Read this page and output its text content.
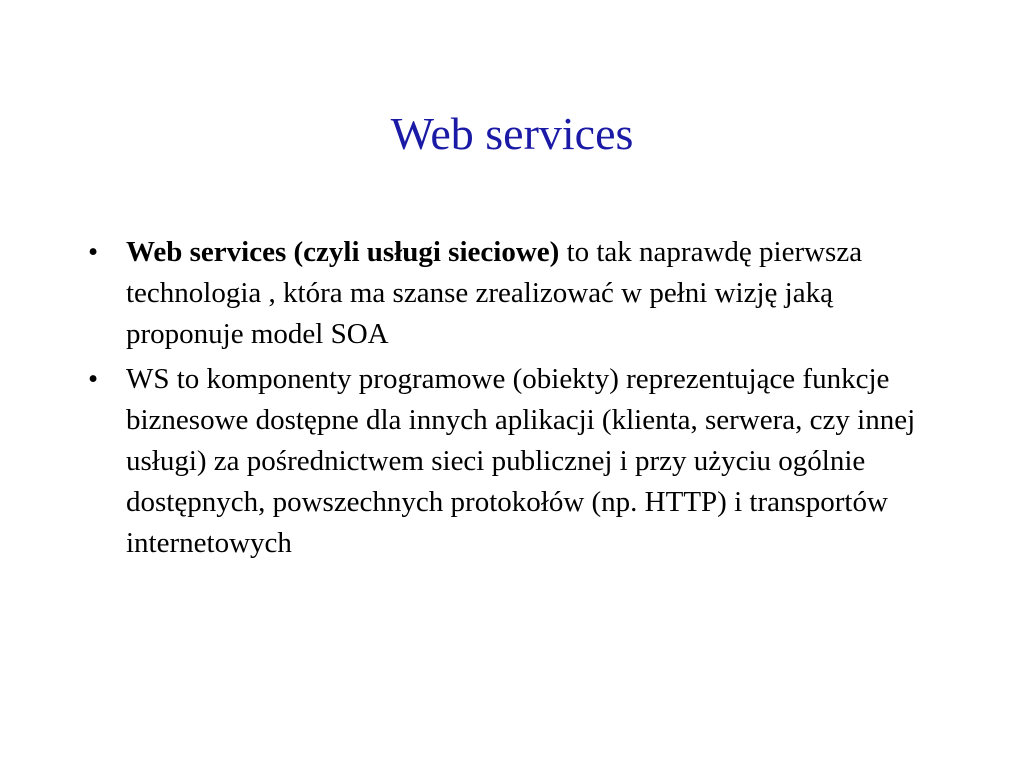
Web services
• Web services (czyli usługi sieciowe) to tak naprawdę pierwsza technologia , która ma szanse zrealizować w pełni wizję jaką proponuje model SOA
• WS to komponenty programowe (obiekty) reprezentujące funkcje biznesowe dostępne dla innych aplikacji (klienta, serwera, czy innej usługi) za pośrednictwem sieci publicznej i przy użyciu ogólnie dostępnych, powszechnych protokołów (np. HTTP) i transportów internetowych
